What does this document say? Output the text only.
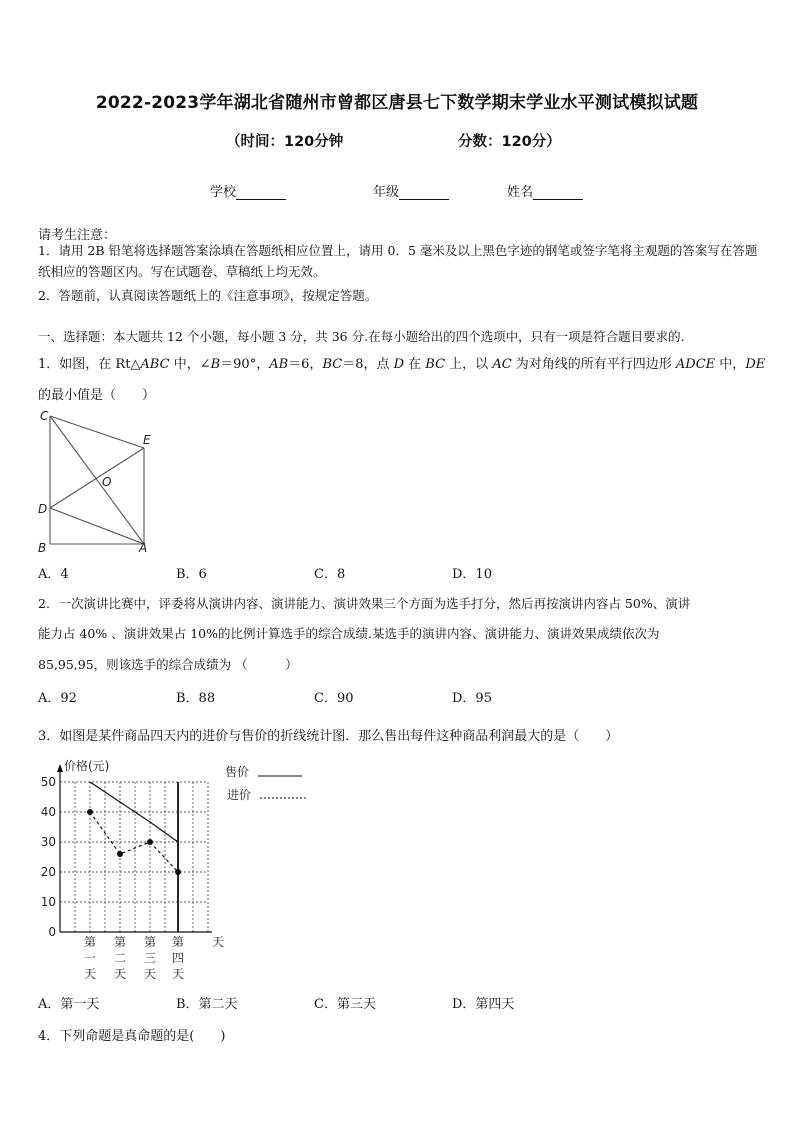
2022-2023学年湖北省随州市曾都区唐县七下数学期末学业水平测试模拟试题
（时间：120分钟	分数：120分）
学校	年级	姓名
请考生注意：
1．请用 2B 铅笔将选择题答案涂填在答题纸相应位置上，请用 0．5 毫米及以上黑色字迹的钢笔或签字笔将主观题的答案写在答题纸相应的答题区内。写在试题卷、草稿纸上均无效。
2．答题前，认真阅读答题纸上的《注意事项》，按规定答题。
一、选择题：本大题共 12 个小题，每小题 3 分，共 36 分.在每小题给出的四个选项中，只有一项是符合题目要求的.
1．如图，在 Rt△ABC 中，∠B＝90°，AB＝6，BC＝8，点 D 在 BC 上，以 AC 为对角线的所有平行四边形 ADCE 中，DE
的最小值是（　　）
C
E
O
D
B	A
A．4	B．6	C．8	D．10
2．一次演讲比赛中，评委将从演讲内容、演讲能力、演讲效果三个方面为选手打分，然后再按演讲内容占 50%、演讲
能力占 40% 、演讲效果占 10%的比例计算选手的综合成绩.某选手的演讲内容、演讲能力、演讲效果成绩依次为
85,95,95，则该选手的综合成绩为 （　　　）
A．92	B．88	C．90	D．95
3．如图是某件商品四天内的进价与售价的折线统计图．那么售出每件这种商品利润最大的是（　　）
50
40
30
20
10
0
价格(元)
天
第
一
天
第
二
天
第
三
天
第
四
天
售价
进价
A．第一天	B．第二天	C．第三天	D．第四天
4．下列命题是真命题的是(　　)
